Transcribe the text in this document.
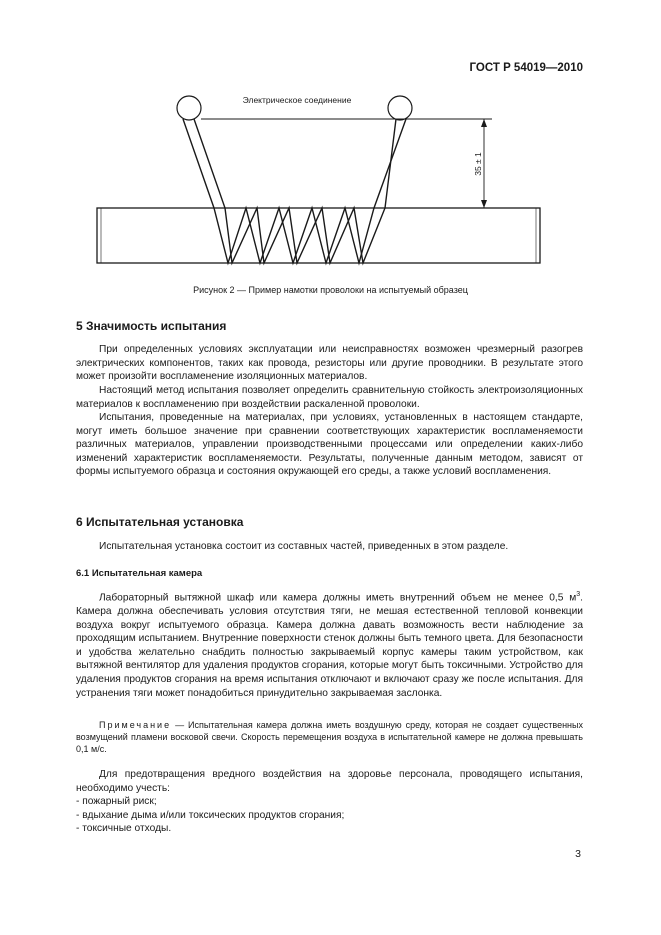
ГОСТ Р 54019—2010
Электрическое соединение
35 ± 1
Рисунок 2 — Пример намотки проволоки на испытуемый образец
5 Значимость испытания

При определенных условиях эксплуатации или неисправностях возможен чрезмерный разогрев электрических компонентов, таких как провода, резисторы или другие проводники. В результате этого может произойти воспламенение изоляционных материалов.

Настоящий метод испытания позволяет определить сравнительную стойкость электроизоляционных материалов к воспламенению при воздействии раскаленной проволоки.

Испытания, проведенные на материалах, при условиях, установленных в настоящем стандарте, могут иметь большое значение при сравнении соответствующих характеристик воспламеняемости различных материалов, управлении производственными процессами или определении каких-либо изменений характеристик воспламеняемости. Результаты, полученные данным методом, зависят от формы испытуемого образца и состояния окружающей его среды, а также условий воспламенения.

6 Испытательная установка

Испытательная установка состоит из составных частей, приведенных в этом разделе.

6.1 Испытательная камера

Лабораторный вытяжной шкаф или камера должны иметь внутренний объем не менее 0,5 $м^3$. Камера должна обеспечивать условия отсутствия тяги, не мешая естественной тепловой конвекции воздуха вокруг испытуемого образца. Камера должна давать возможность вести наблюдение за проходящим испытанием. Внутренние поверхности стенок должны быть темного цвета. Для безопасности и удобства желательно снабдить полностью закрываемый корпус камеры таким устройством, как вытяжной вентилятор для удаления продуктов сгорания, которые могут быть токсичными. Устройство для удаления продуктов сгорания на время испытания отключают и включают сразу же после испытания. Для устранения тяги может понадобиться принудительно закрываемая заслонка.

Примечание — Испытательная камера должна иметь воздушную среду, которая не создает существенных возмущений пламени восковой свечи. Скорость перемещения воздуха в испытательной камере не должна превышать 0,1 м/с.

Для предотвращения вредного воздействия на здоровье персонала, проводящего испытания, необходимо учесть:

- пожарный риск;
- вдыхание дыма и/или токсических продуктов сгорания;
- токсичные отходы.
3
